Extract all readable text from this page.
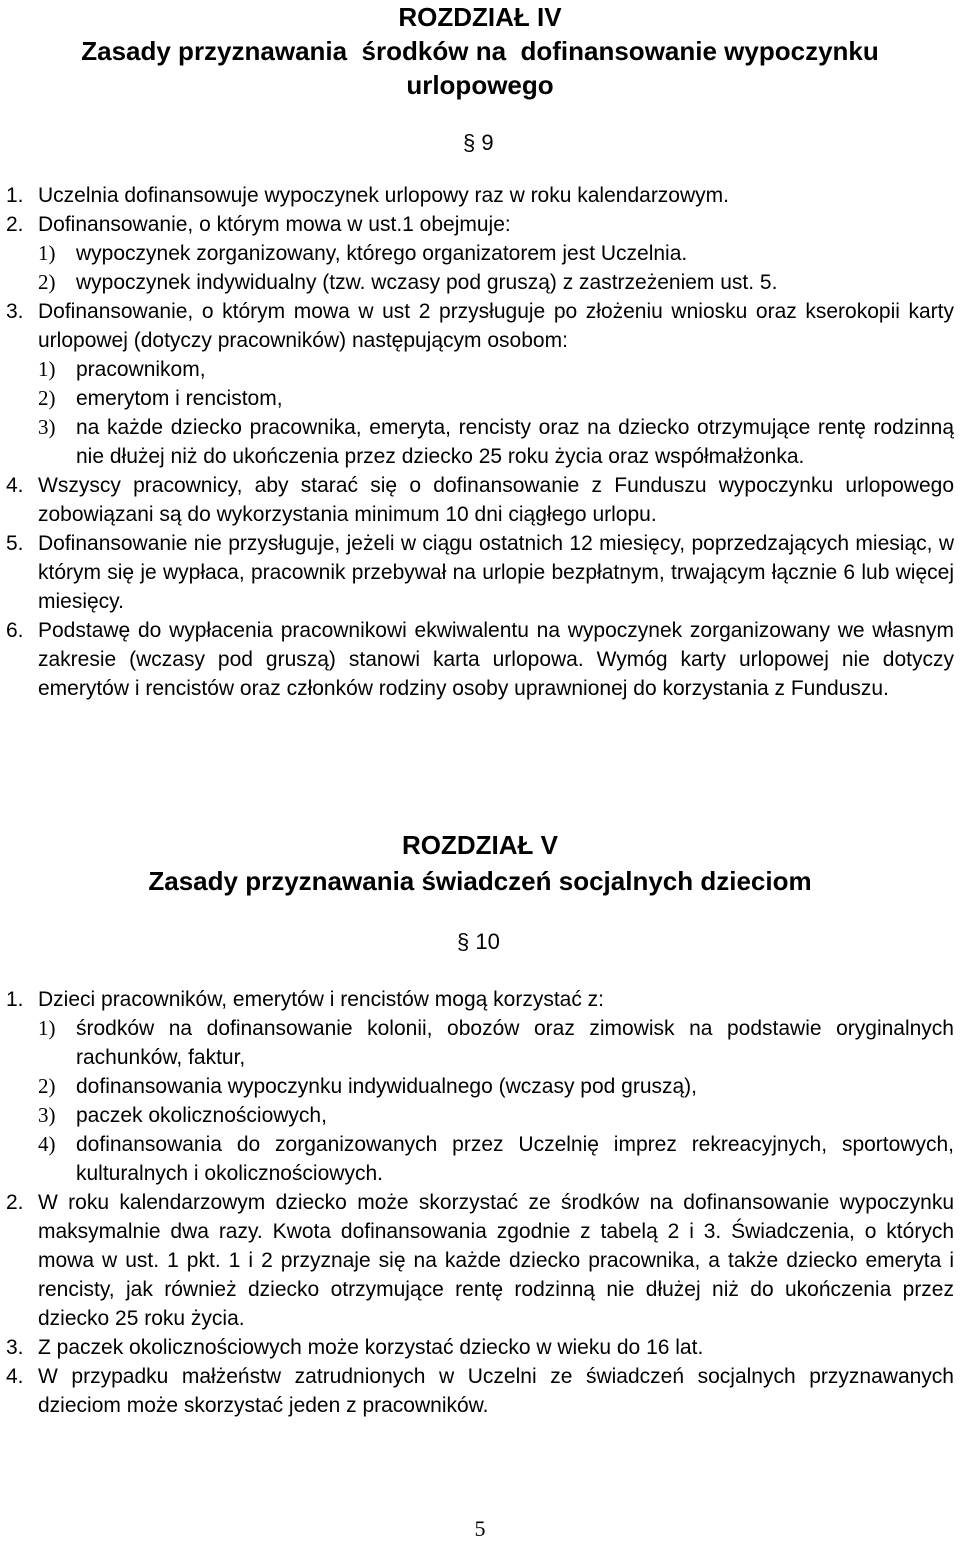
ROZDZIAŁ IV
Zasady przyznawania  środków na  dofinansowanie wypoczynku
urlopowego
§ 9
1. Uczelnia dofinansowuje wypoczynek urlopowy raz w roku kalendarzowym.
2. Dofinansowanie, o którym mowa w ust.1 obejmuje:
1) wypoczynek zorganizowany, którego organizatorem jest Uczelnia.
2) wypoczynek indywidualny (tzw. wczasy pod gruszą) z zastrzeżeniem ust. 5.
3. Dofinansowanie, o którym mowa w ust 2 przysługuje po złożeniu wniosku oraz kserokopii karty urlopowej (dotyczy pracowników) następującym osobom:
1) pracownikom,
2) emerytom i rencistom,
3) na każde dziecko pracownika, emeryta, rencisty oraz na dziecko otrzymujące rentę rodzinną nie dłużej niż do ukończenia przez dziecko 25 roku życia oraz współmałżonka.
4. Wszyscy pracownicy, aby starać się o dofinansowanie z Funduszu wypoczynku urlopowego zobowiązani są do wykorzystania minimum 10 dni ciągłego urlopu.
5. Dofinansowanie nie przysługuje, jeżeli w ciągu ostatnich 12 miesięcy, poprzedzających miesiąc, w którym się je wypłaca, pracownik przebywał na urlopie bezpłatnym, trwającym łącznie 6 lub więcej miesięcy.
6. Podstawę do wypłacenia pracownikowi ekwiwalentu na wypoczynek zorganizowany we własnym zakresie (wczasy pod gruszą) stanowi karta urlopowa. Wymóg karty urlopowej nie dotyczy emerytów i rencistów oraz członków rodziny osoby uprawnionej do korzystania z Funduszu.
ROZDZIAŁ V
Zasady przyznawania świadczeń socjalnych dzieciom
§ 10
1. Dzieci pracowników, emerytów i rencistów mogą korzystać z:
1) środków na dofinansowanie kolonii, obozów oraz zimowisk na podstawie oryginalnych rachunków, faktur,
2) dofinansowania wypoczynku indywidualnego (wczasy pod gruszą),
3) paczek okolicznościowych,
4) dofinansowania do zorganizowanych przez Uczelnię imprez rekreacyjnych, sportowych, kulturalnych i okolicznościowych.
2. W roku kalendarzowym dziecko może skorzystać ze środków na dofinansowanie wypoczynku maksymalnie dwa razy. Kwota dofinansowania zgodnie z tabelą 2 i 3. Świadczenia, o których mowa w ust. 1 pkt. 1 i 2 przyznaje się na każde dziecko pracownika, a także dziecko emeryta i rencisty, jak również dziecko otrzymujące rentę rodzinną nie dłużej niż do ukończenia przez dziecko 25 roku życia.
3. Z paczek okolicznościowych może korzystać dziecko w wieku do 16 lat.
4. W przypadku małżeństw zatrudnionych w Uczelni ze świadczeń socjalnych przyznawanych dzieciom może skorzystać jeden z pracowników.
5
